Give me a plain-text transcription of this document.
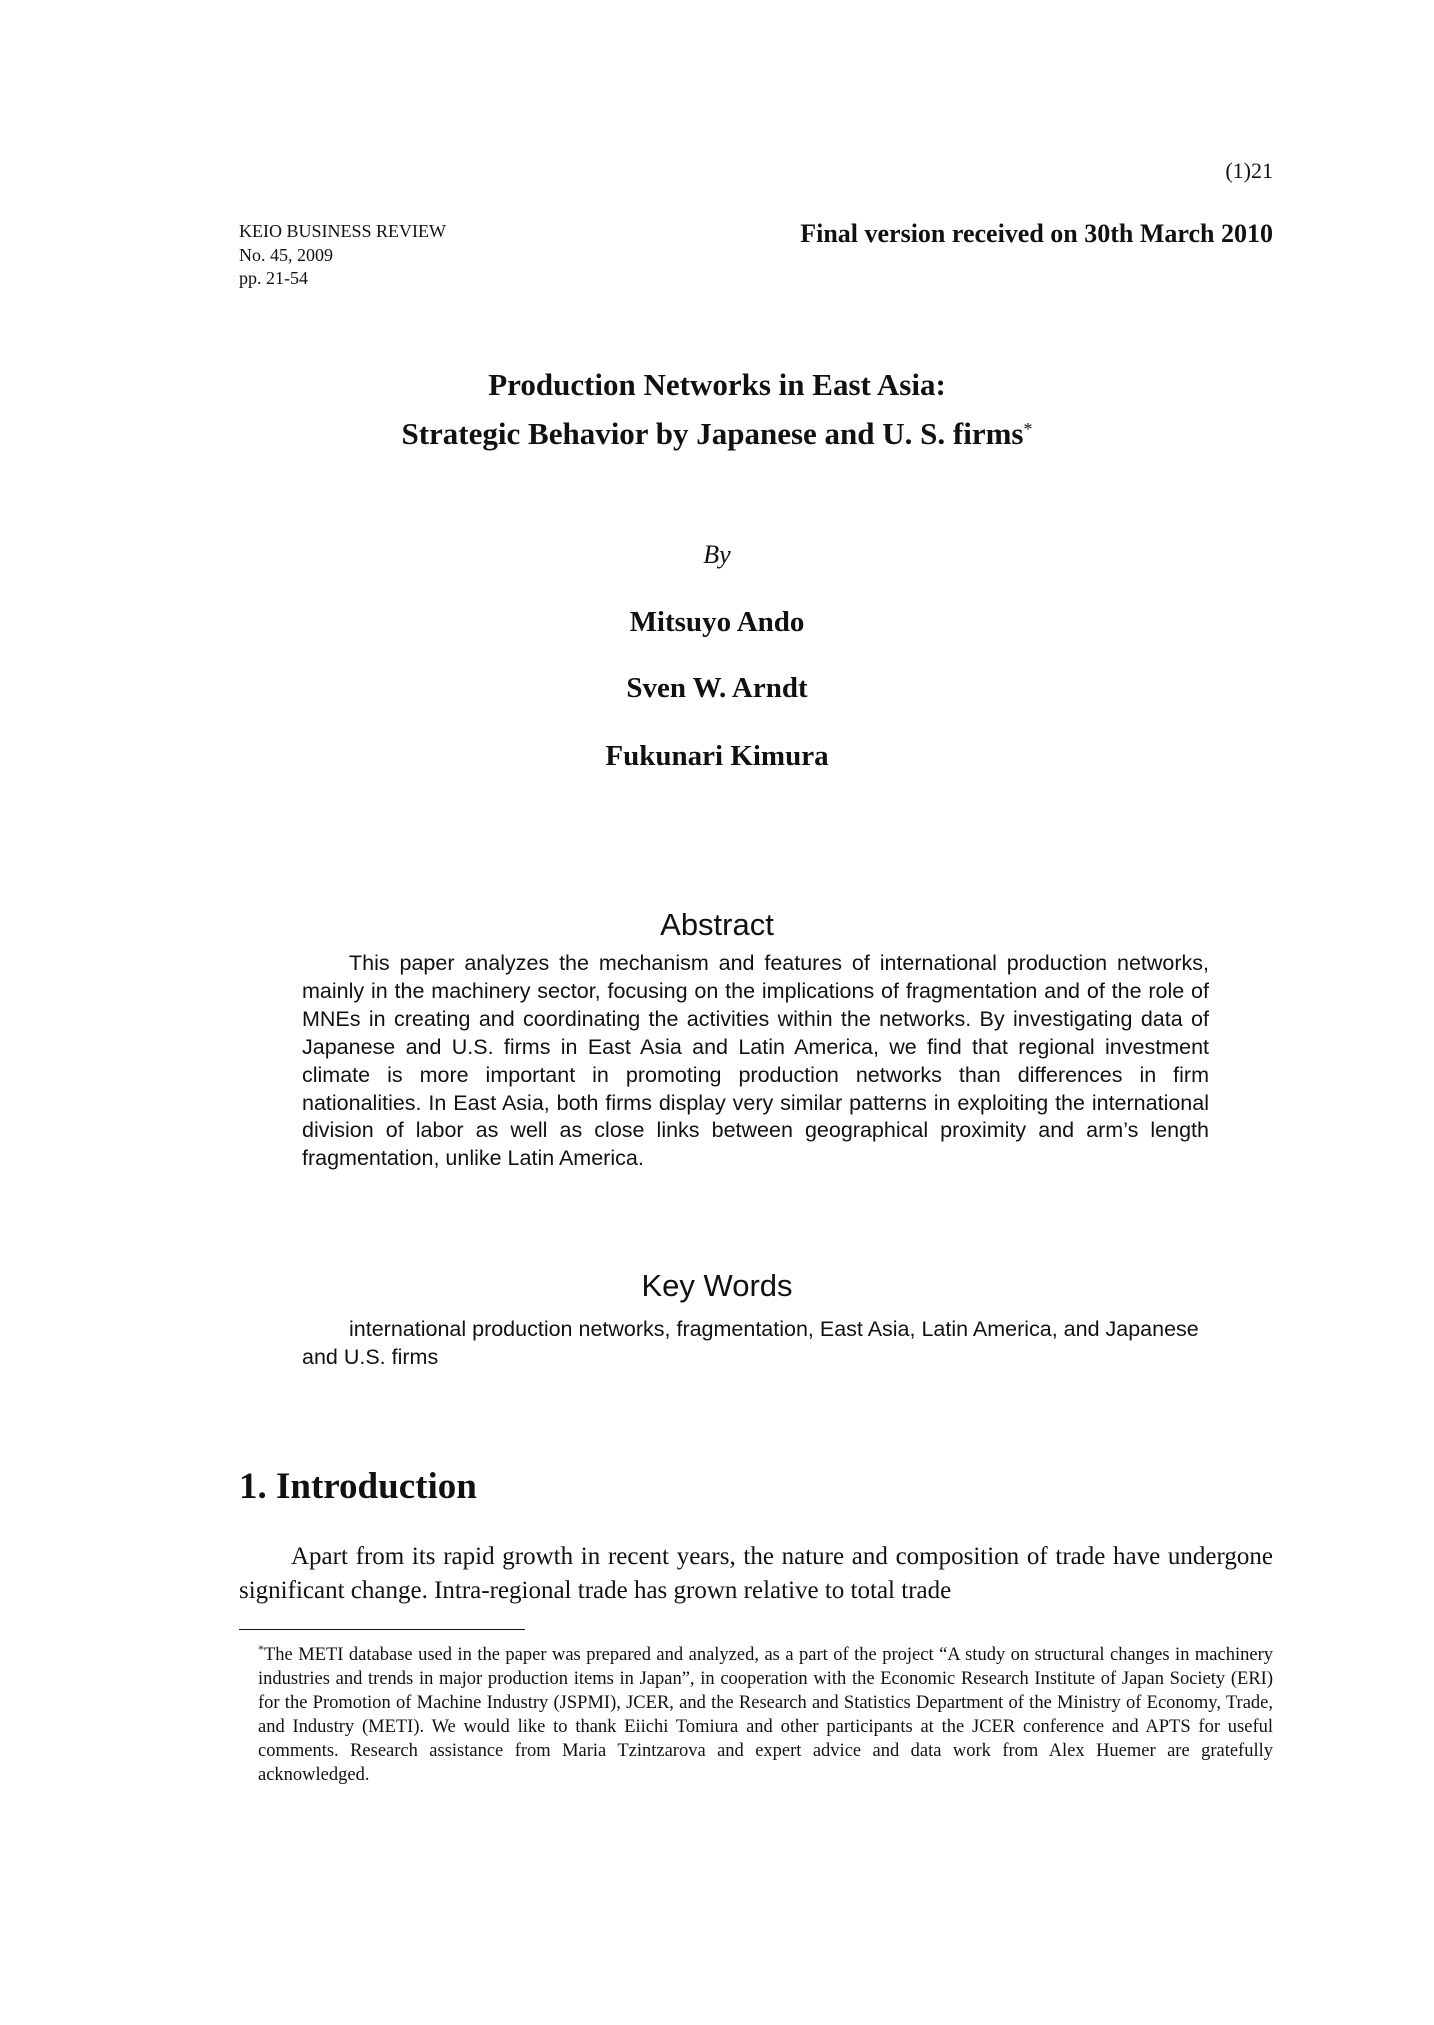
(1)21
KEIO BUSINESS REVIEW
No. 45, 2009
pp. 21-54
Final version received on 30th March 2010
Production Networks in East Asia:
Strategic Behavior by Japanese and U. S. firms*
By
Mitsuyo Ando
Sven W. Arndt
Fukunari Kimura
Abstract
This paper analyzes the mechanism and features of international production networks, mainly in the machinery sector, focusing on the implications of fragmentation and of the role of MNEs in creating and coordinating the activities within the networks. By investigating data of Japanese and U.S. firms in East Asia and Latin America, we find that regional investment climate is more important in promoting production networks than differences in firm nationalities. In East Asia, both firms display very similar patterns in exploiting the international division of labor as well as close links between geographical proximity and arm’s length fragmentation, unlike Latin America.
Key Words
international production networks, fragmentation, East Asia, Latin America, and Japanese and U.S. firms
1. Introduction
Apart from its rapid growth in recent years, the nature and composition of trade have undergone significant change. Intra-regional trade has grown relative to total trade
*The METI database used in the paper was prepared and analyzed, as a part of the project “A study on structural changes in machinery industries and trends in major production items in Japan”, in cooperation with the Economic Research Institute of Japan Society (ERI) for the Promotion of Machine Industry (JSPMI), JCER, and the Research and Statistics Department of the Ministry of Economy, Trade, and Industry (METI). We would like to thank Eiichi Tomiura and other participants at the JCER conference and APTS for useful comments. Research assistance from Maria Tzintzarova and expert advice and data work from Alex Huemer are gratefully acknowledged.
